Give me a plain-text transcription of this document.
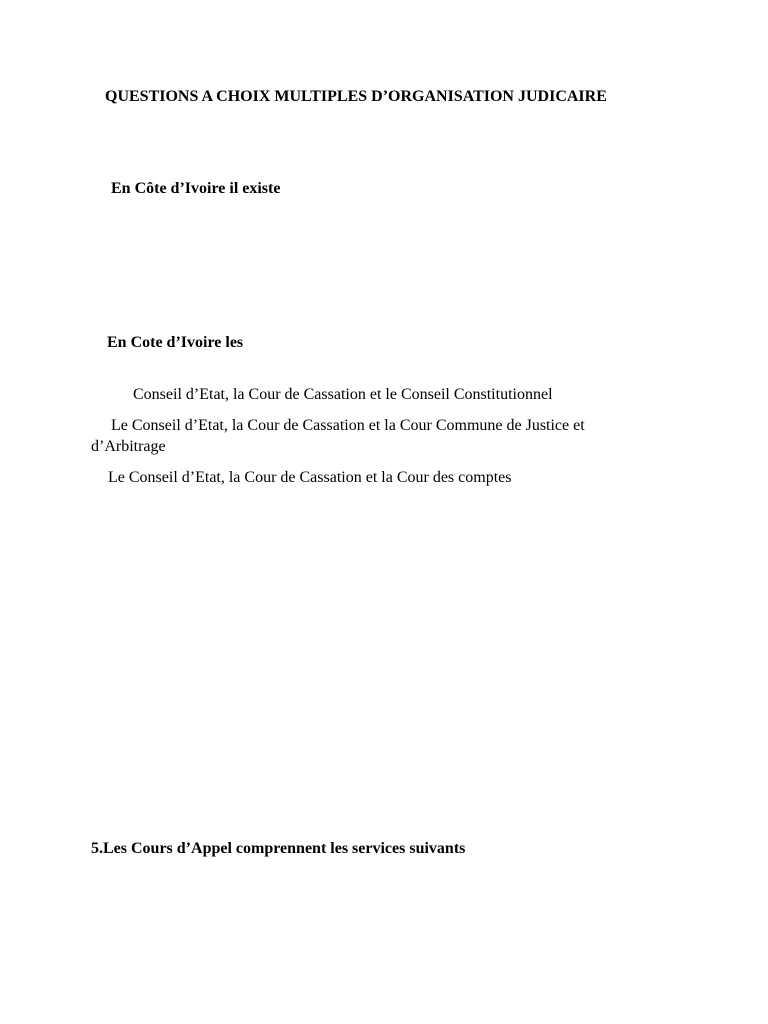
QUESTIONS A CHOIX MULTIPLES D’ORGANISATION JUDICAIRE
En Côte d’Ivoire il existe
En Cote d’Ivoire les
Conseil d’Etat, la Cour de Cassation et le Conseil Constitutionnel
Le Conseil d’Etat, la Cour de Cassation et la Cour Commune de Justice et
d’Arbitrage
Le Conseil d’Etat, la Cour de Cassation et la Cour des comptes
5.Les Cours d’Appel comprennent les services suivants
